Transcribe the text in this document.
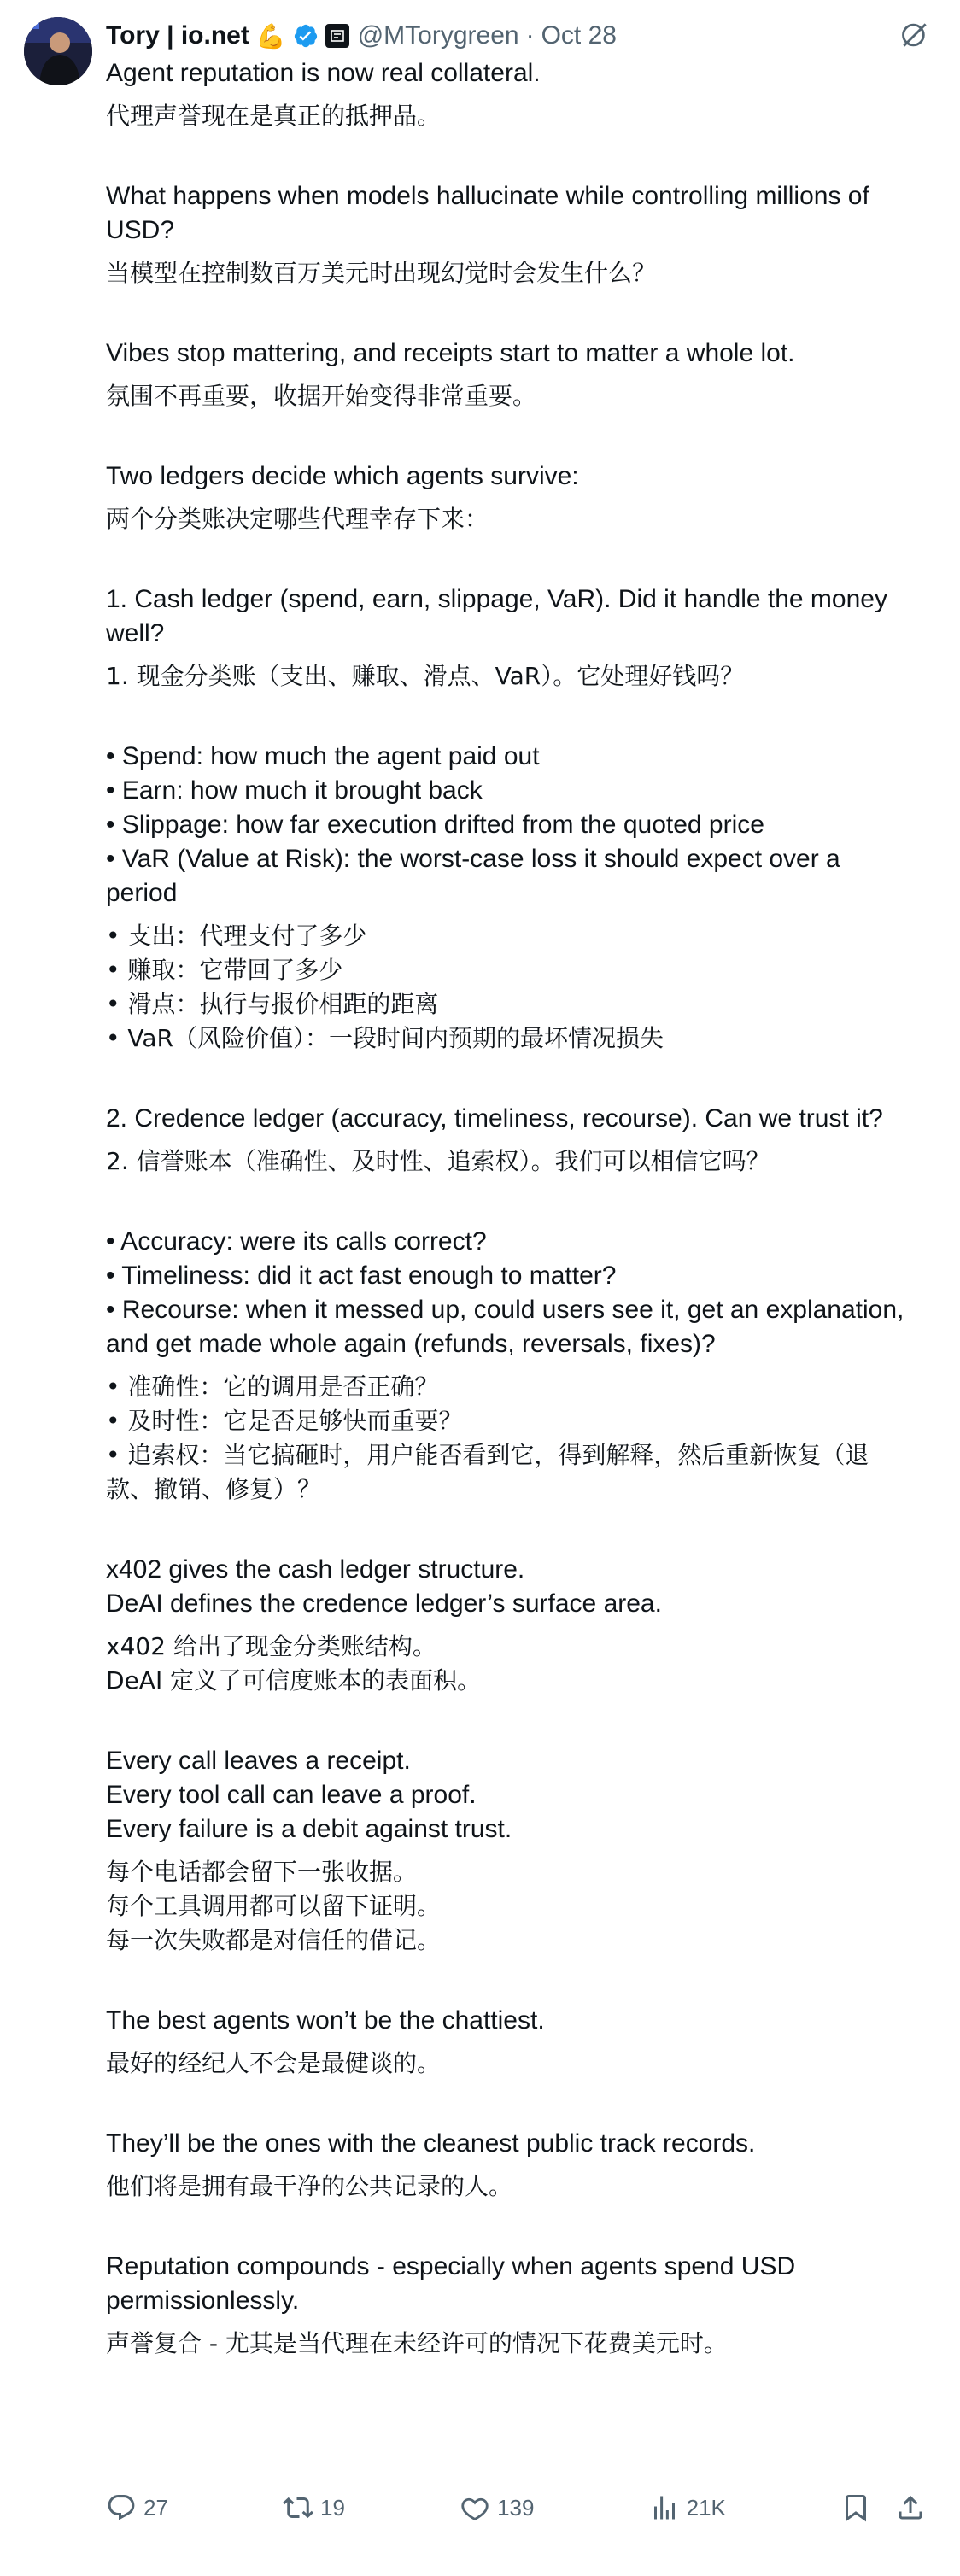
Tory | io.net 💪	@MTorygreen · Oct 28

Agent reputation is now real collateral.

代理声誉现在是真正的抵押品。

What happens when models hallucinate while controlling millions of
USD?

当模型在控制数百万美元时出现幻觉时会发生什么？

Vibes stop mattering, and receipts start to matter a whole lot.

氛围不再重要，收据开始变得非常重要。

Two ledgers decide which agents survive:

两个分类账决定哪些代理幸存下来：

1. Cash ledger (spend, earn, slippage, VaR). Did it handle the money
well?

1. 现金分类账（支出、赚取、滑点、VaR）。它处理好钱吗？

• Spend: how much the agent paid out
• Earn: how much it brought back
• Slippage: how far execution drifted from the quoted price
• VaR (Value at Risk): the worst-case loss it should expect over a
period

• 支出：代理支付了多少
• 赚取：它带回了多少
• 滑点：执行与报价相距的距离
• VaR（风险价值）：一段时间内预期的最坏情况损失

2. Credence ledger (accuracy, timeliness, recourse). Can we trust it?

2. 信誉账本（准确性、及时性、追索权）。我们可以相信它吗？

• Accuracy: were its calls correct?
• Timeliness: did it act fast enough to matter?
• Recourse: when it messed up, could users see it, get an explanation,
and get made whole again (refunds, reversals, fixes)?

• 准确性：它的调用是否正确？
• 及时性：它是否足够快而重要？
• 追索权：当它搞砸时，用户能否看到它，得到解释，然后重新恢复（退
款、撤销、修复）？

x402 gives the cash ledger structure.
DeAI defines the credence ledger’s surface area.

x402 给出了现金分类账结构。
DeAI 定义了可信度账本的表面积。

Every call leaves a receipt.
Every tool call can leave a proof.
Every failure is a debit against trust.

每个电话都会留下一张收据。
每个工具调用都可以留下证明。
每一次失败都是对信任的借记。

The best agents won’t be the chattiest.

最好的经纪人不会是最健谈的。

They’ll be the ones with the cleanest public track records.

他们将是拥有最干净的公共记录的人。

Reputation compounds - especially when agents spend USD
permissionlessly.

声誉复合 - 尤其是当代理在未经许可的情况下花费美元时。

27	19	139	21K
